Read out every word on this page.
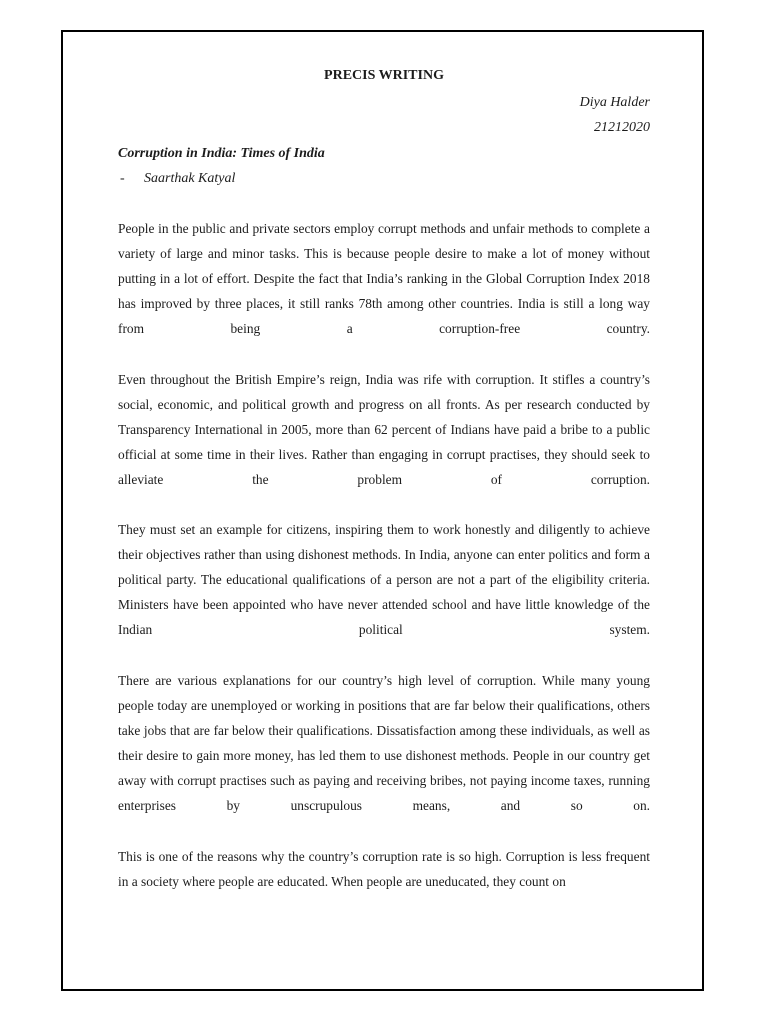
PRECIS WRITING
Diya Halder
21212020
Corruption in India: Times of India
-	Saarthak Katyal

People in the public and private sectors employ corrupt methods and unfair methods to complete a variety of large and minor tasks. This is because people desire to make a lot of money without putting in a lot of effort. Despite the fact that India’s ranking in the Global Corruption Index 2018 has improved by three places, it still ranks 78th among other countries. India is still a long way from being a corruption-free country.

Even throughout the British Empire’s reign, India was rife with corruption. It stifles a country’s social, economic, and political growth and progress on all fronts. As per research conducted by Transparency International in 2005, more than 62 percent of Indians have paid a bribe to a public official at some time in their lives. Rather than engaging in corrupt practises, they should seek to alleviate the problem of corruption.

They must set an example for citizens, inspiring them to work honestly and diligently to achieve their objectives rather than using dishonest methods. In India, anyone can enter politics and form a political party. The educational qualifications of a person are not a part of the eligibility criteria. Ministers have been appointed who have never attended school and have little knowledge of the Indian political system.

There are various explanations for our country’s high level of corruption. While many young people today are unemployed or working in positions that are far below their qualifications, others take jobs that are far below their qualifications. Dissatisfaction among these individuals, as well as their desire to gain more money, has led them to use dishonest methods. People in our country get away with corrupt practises such as paying and receiving bribes, not paying income taxes, running enterprises by unscrupulous means, and so on.

This is one of the reasons why the country’s corruption rate is so high. Corruption is less frequent in a society where people are educated. When people are uneducated, they count on
